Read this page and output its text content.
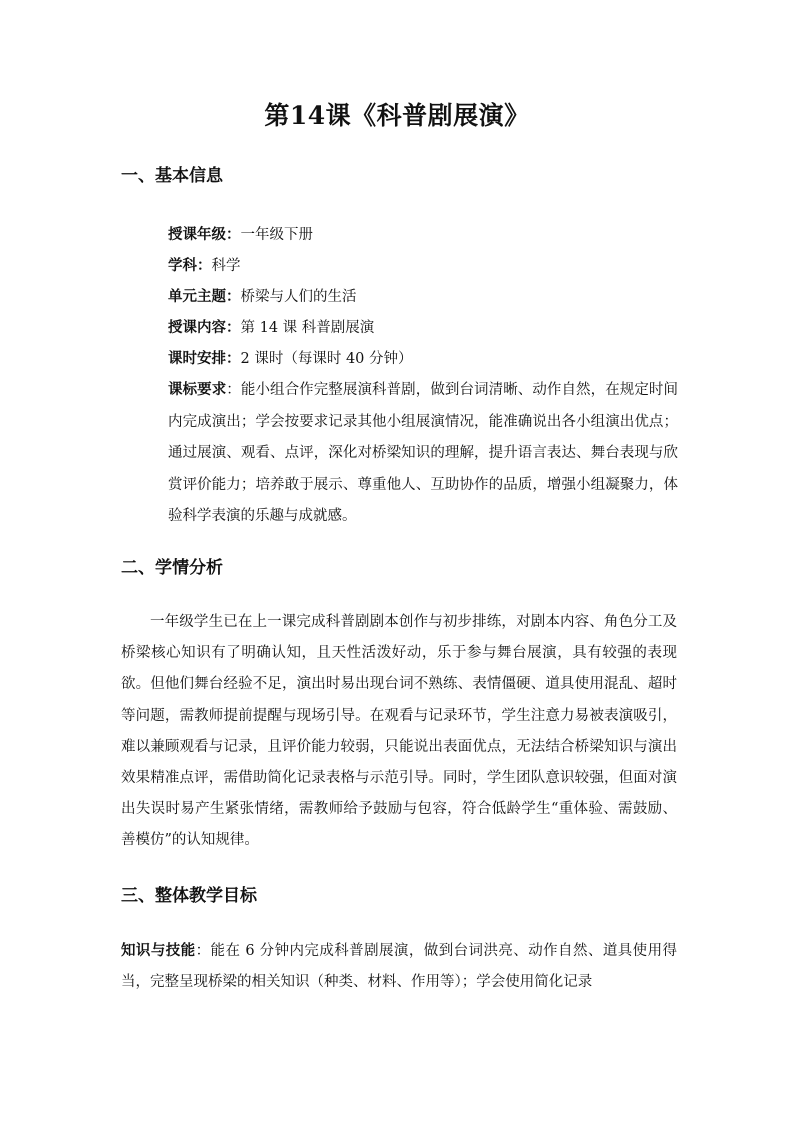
第14课《科普剧展演》
一、基本信息
授课年级：一年级下册
学科：科学
单元主题：桥梁与人们的生活
授课内容：第 14 课 科普剧展演
课时安排：2 课时（每课时 40 分钟）
课标要求：能小组合作完整展演科普剧，做到台词清晰、动作自然，在规定时间内完成演出；学会按要求记录其他小组展演情况，能准确说出各小组演出优点；通过展演、观看、点评，深化对桥梁知识的理解，提升语言表达、舞台表现与欣赏评价能力；培养敢于展示、尊重他人、互助协作的品质，增强小组凝聚力，体验科学表演的乐趣与成就感。
二、学情分析
一年级学生已在上一课完成科普剧剧本创作与初步排练，对剧本内容、角色分工及桥梁核心知识有了明确认知，且天性活泼好动，乐于参与舞台展演，具有较强的表现欲。但他们舞台经验不足，演出时易出现台词不熟练、表情僵硬、道具使用混乱、超时等问题，需教师提前提醒与现场引导。在观看与记录环节，学生注意力易被表演吸引，难以兼顾观看与记录，且评价能力较弱，只能说出表面优点，无法结合桥梁知识与演出效果精准点评，需借助简化记录表格与示范引导。同时，学生团队意识较强，但面对演出失误时易产生紧张情绪，需教师给予鼓励与包容，符合低龄学生“重体验、需鼓励、善模仿”的认知规律。
三、整体教学目标
知识与技能：能在 6 分钟内完成科普剧展演，做到台词洪亮、动作自然、道具使用得当，完整呈现桥梁的相关知识（种类、材料、作用等）；学会使用简化记录
